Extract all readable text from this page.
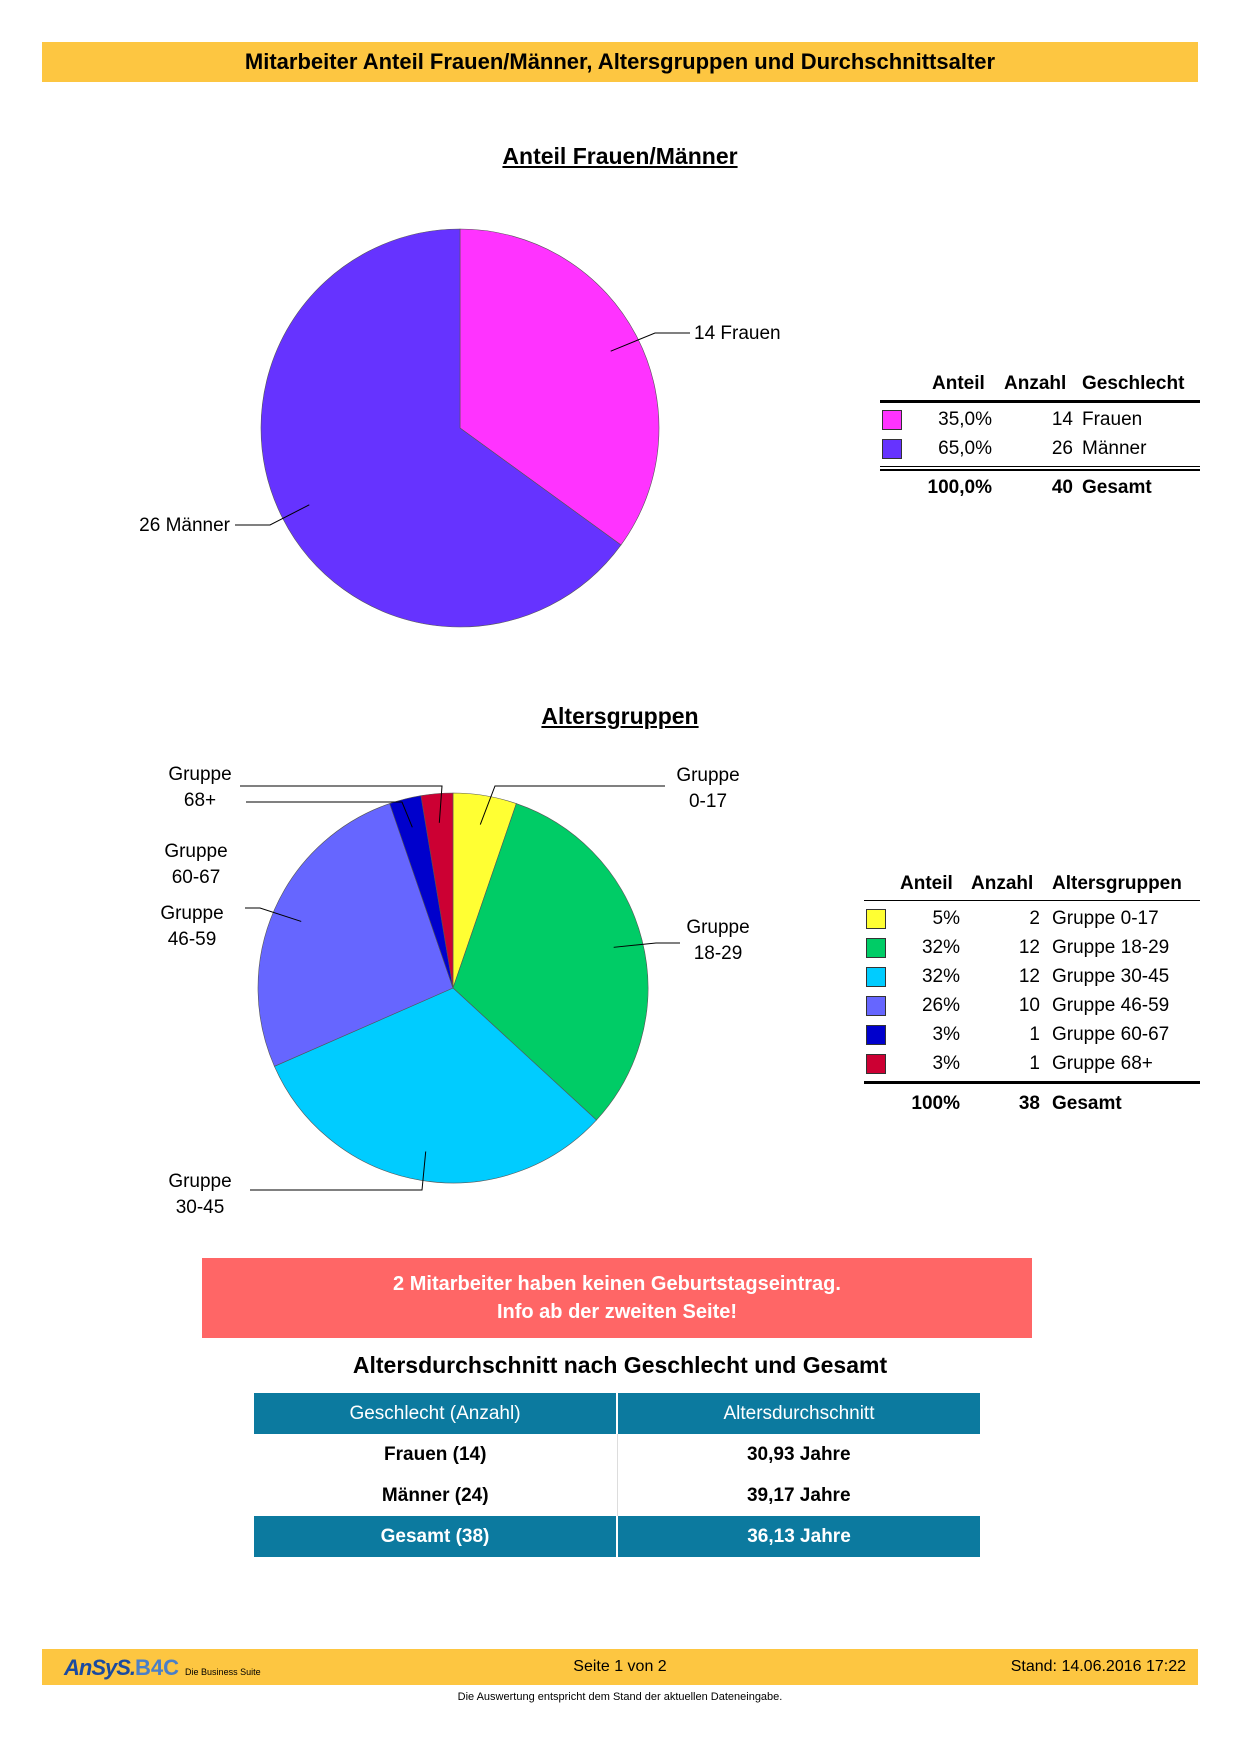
Mitarbeiter Anteil Frauen/Männer, Altersgruppen und Durchschnittsalter
Anteil Frauen/Männer
14 Frauen
26 Männer
Anteil Anzahl Geschlecht
35,0%	14 Frauen
65,0%	26 Männer
100,0%	40 Gesamt
Altersgruppen
Gruppe
0-17
Gruppe
18-29
Gruppe
30-45
Gruppe
46-59
Gruppe
60-67
Gruppe
68+
Anteil Anzahl Altersgruppen
5%	2 Gruppe 0-17
32%	12 Gruppe 18-29
32%	12 Gruppe 30-45
26%	10 Gruppe 46-59
3%	1 Gruppe 60-67
3%	1 Gruppe 68+
100%	38 Gesamt
2 Mitarbeiter haben keinen Geburtstagseintrag.
Info ab der zweiten Seite!
Altersdurchschnitt nach Geschlecht und Gesamt
Geschlecht (Anzahl)	Altersdurchschnitt
Frauen (14)	30,93 Jahre
Männer (24)	39,17 Jahre
Gesamt (38)	36,13 Jahre
AnSyS.B4C Die Business Suite	Seite 1 von 2	Stand: 14.06.2016 17:22
Die Auswertung entspricht dem Stand der aktuellen Dateneingabe.
